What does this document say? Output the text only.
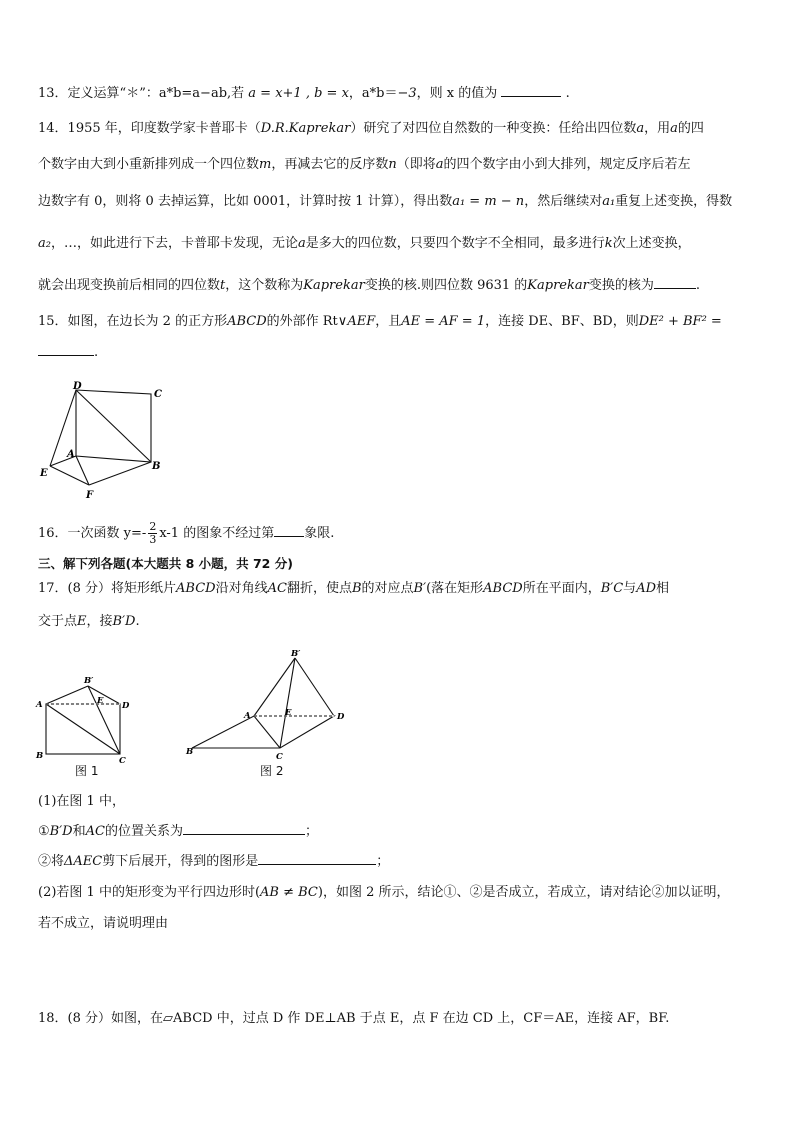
13．定义运算“＊”：a*b=a−ab,若 a = x+1 , b = x，a*b＝−3，则 x 的值为	.
14．1955 年，印度数学家卡普耶卡（D.R.Kaprekar）研究了对四位自然数的一种变换：任给出四位数a，用a的四
个数字由大到小重新排列成一个四位数m，再减去它的反序数n（即将a的四个数字由小到大排列，规定反序后若左
边数字有 0，则将 0 去掉运算，比如 0001，计算时按 1 计算），得出数a₁ = m − n，然后继续对a₁重复上述变换，得数
a₂，…，如此进行下去，卡普耶卡发现，无论a是多大的四位数，只要四个数字不全相同，最多进行k次上述变换，
就会出现变换前后相同的四位数t，这个数称为Kaprekar变换的核.则四位数 9631 的Kaprekar变换的核为	.
15．如图，在边长为 2 的正方形ABCD的外部作 Rt∨AEF，且AE = AF = 1，连接 DE、BF、BD，则DE² + BF² =
.
D
C
A
B
E
F
16．一次函数 $y=- \frac{2}{3} x-1$ 的图象不经过第 象限.
三、解下列各题(本大题共 8 小题，共 72 分)
17．(8 分）将矩形纸片ABCD沿对角线AC翻折，使点B的对应点B′(落在矩形ABCD所在平面内，B′C与AD相
交于点E，接B′D.
A
B	C
D
E
B′
图 1
A
B	C
D
E
B′
图 2
(1)在图 1 中，
①B′D和AC的位置关系为	；
②将ΔAEC剪下后展开，得到的图形是	；
(2)若图 1 中的矩形变为平行四边形时(AB ≠ BC)，如图 2 所示，结论①、②是否成立，若成立，请对结论②加以证明，
若不成立，请说明理由
18．(8 分）如图，在▱ABCD 中，过点 D 作 DE⊥AB 于点 E，点 F 在边 CD 上，CF＝AE，连接 AF，BF.
